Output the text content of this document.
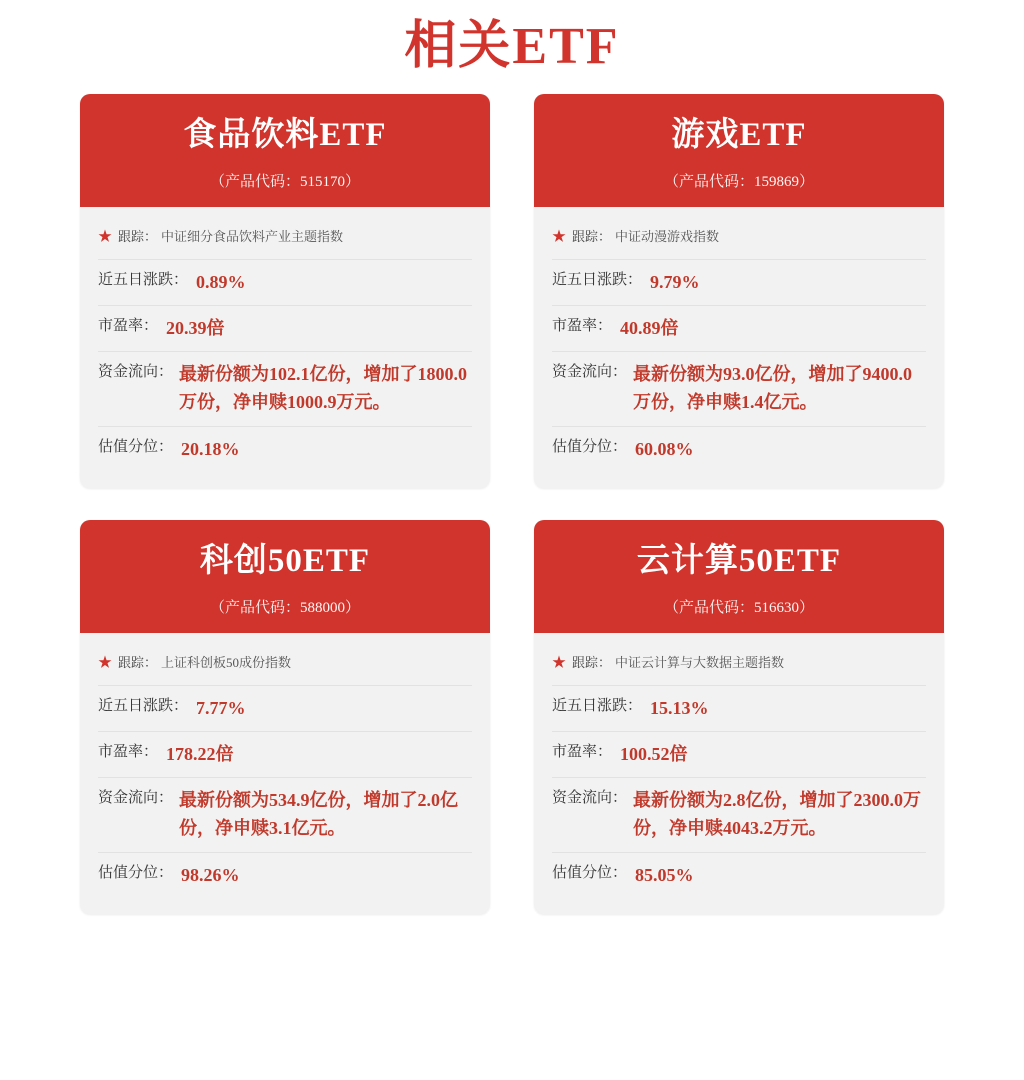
相关ETF
食品饮料ETF
（产品代码：515170）
★ 跟踪： 中证细分食品饮料产业主题指数
近五日涨跌： 0.89%
市盈率： 20.39倍
资金流向： 最新份额为102.1亿份，增加了1800.0万份，净申赎1000.9万元。
估值分位： 20.18%
游戏ETF
（产品代码：159869）
★ 跟踪： 中证动漫游戏指数
近五日涨跌： 9.79%
市盈率： 40.89倍
资金流向： 最新份额为93.0亿份，增加了9400.0万份，净申赎1.4亿元。
估值分位： 60.08%
科创50ETF
（产品代码：588000）
★ 跟踪： 上证科创板50成份指数
近五日涨跌： 7.77%
市盈率： 178.22倍
资金流向： 最新份额为534.9亿份，增加了2.0亿份，净申赎3.1亿元。
估值分位： 98.26%
云计算50ETF
（产品代码：516630）
★ 跟踪： 中证云计算与大数据主题指数
近五日涨跌： 15.13%
市盈率： 100.52倍
资金流向： 最新份额为2.8亿份，增加了2300.0万份，净申赎4043.2万元。
估值分位： 85.05%
